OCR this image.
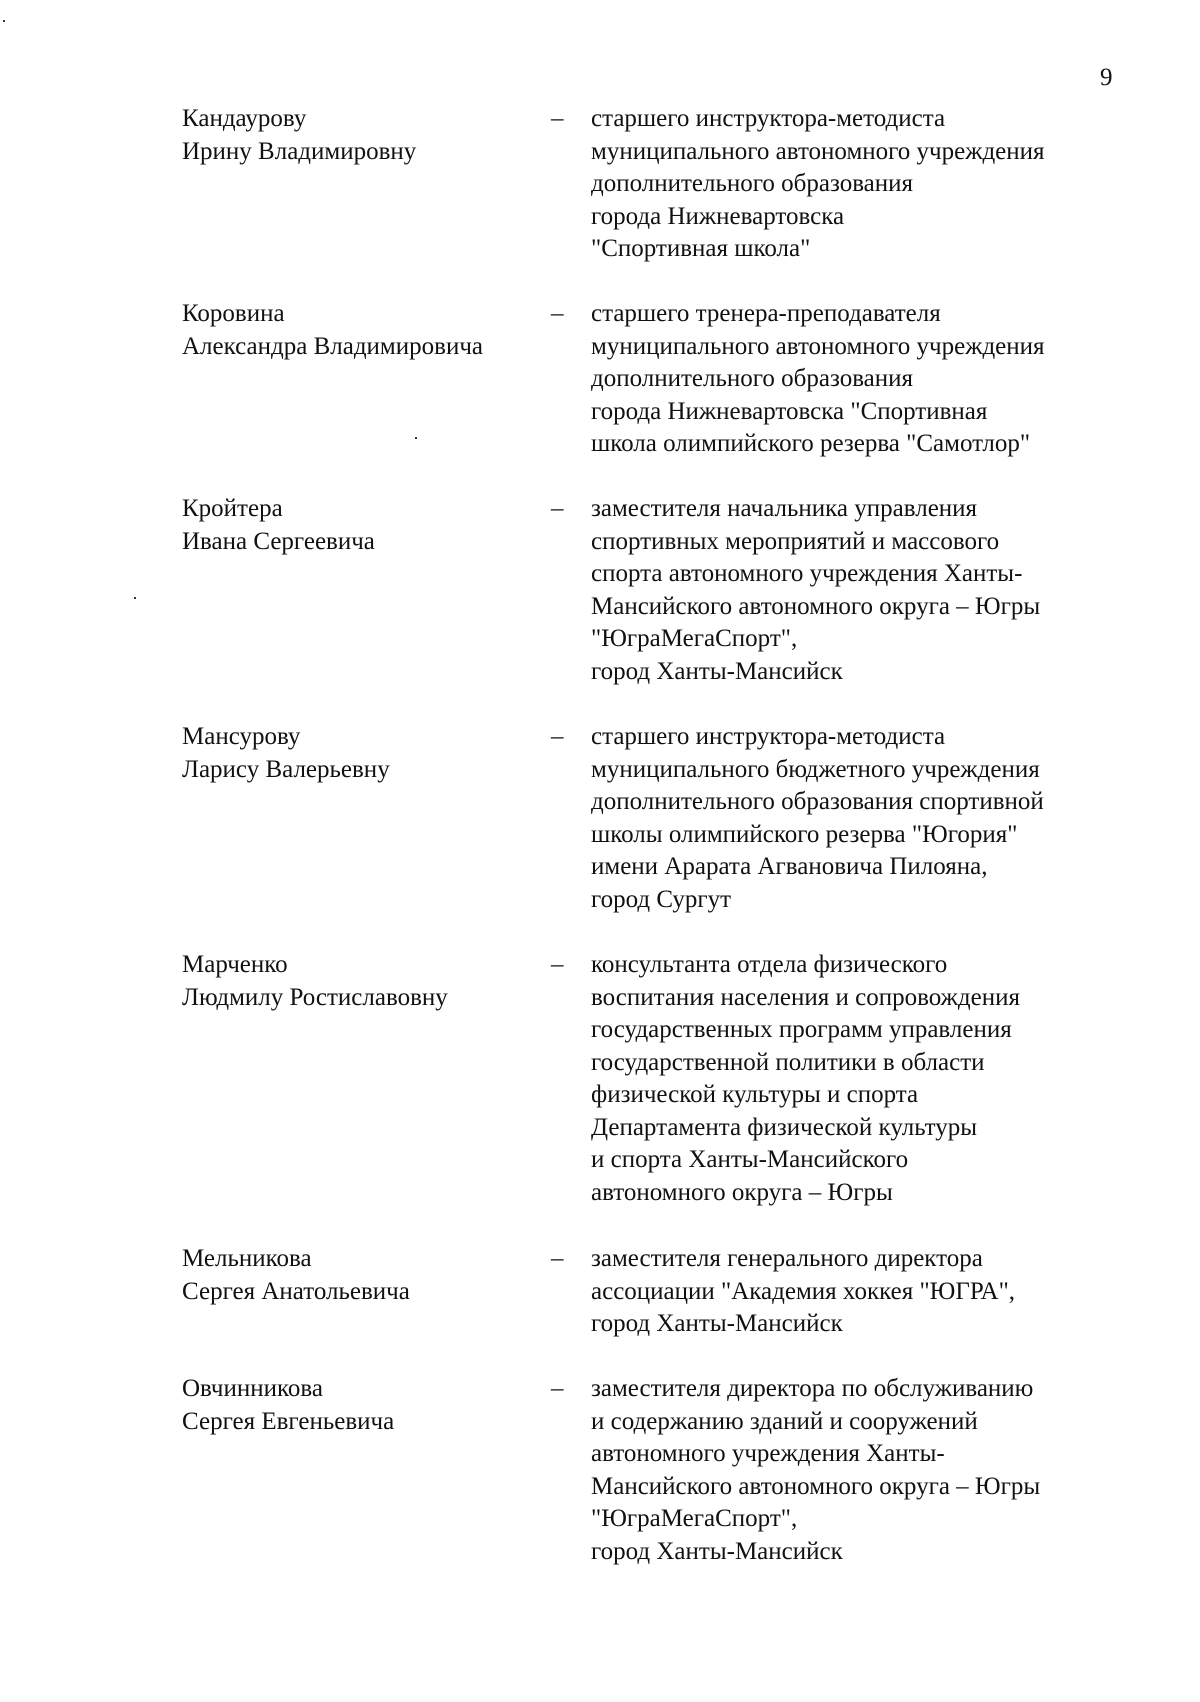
9
Кандаурову
Ирину Владимировну
– старшего инструктора-методиста
муниципального автономного учреждения
дополнительного образования
города Нижневартовска
"Спортивная школа"
Коровина
Александра Владимировича
– старшего тренера-преподавателя
муниципального автономного учреждения
дополнительного образования
города Нижневартовска "Спортивная
школа олимпийского резерва "Самотлор"
Кройтера
Ивана Сергеевича
– заместителя начальника управления
спортивных мероприятий и массового
спорта автономного учреждения Ханты-
Мансийского автономного округа – Югры
"ЮграМегаСпорт",
город Ханты-Мансийск
Мансурову
Ларису Валерьевну
– старшего инструктора-методиста
муниципального бюджетного учреждения
дополнительного образования спортивной
школы олимпийского резерва "Югория"
имени Арарата Агвановича Пилояна,
город Сургут
Марченко
Людмилу Ростиславовну
– консультанта отдела физического
воспитания населения и сопровождения
государственных программ управления
государственной политики в области
физической культуры и спорта
Департамента физической культуры
и спорта Ханты-Мансийского
автономного округа – Югры
Мельникова
Сергея Анатольевича
– заместителя генерального директора
ассоциации "Академия хоккея "ЮГРА",
город Ханты-Мансийск
Овчинникова
Сергея Евгеньевича
– заместителя директора по обслуживанию
и содержанию зданий и сооружений
автономного учреждения Ханты-
Мансийского автономного округа – Югры
"ЮграМегаСпорт",
город Ханты-Мансийск
